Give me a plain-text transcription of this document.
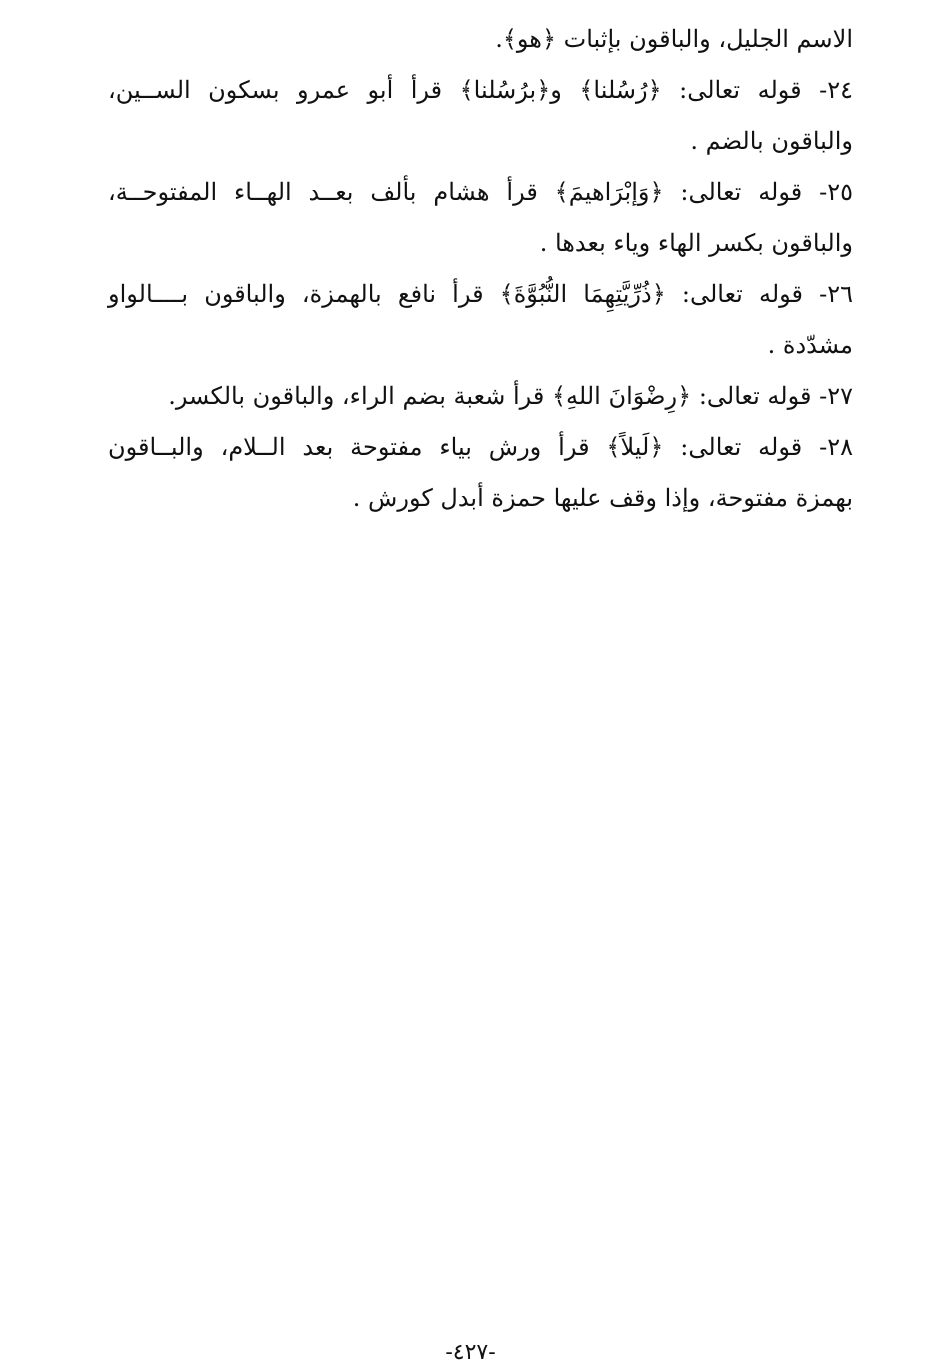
الاسم الجليل، والباقون بإثبات ﴿هو﴾.
٢٤- قوله تعالى: ﴿رُسُلنا﴾ و﴿برُسُلنا﴾ قرأ أبو عمرو بسكون الســين،
والباقون بالضم .
٢٥- قوله تعالى: ﴿وَإبْرَاهيمَ﴾ قرأ هشام بألف بعــد الهــاء المفتوحــة،
والباقون بكسر الهاء وياء بعدها .
٢٦- قوله تعالى: ﴿ذُرِّيَّتِهِمَا النُّبُوَّةَ﴾ قرأ نافع بالهمزة، والباقون بــــالواو
مشدّدة .
٢٧- قوله تعالى: ﴿رِضْوَانَ اللهِ﴾ قرأ شعبة بضم الراء، والباقون بالكسر.
٢٨- قوله تعالى: ﴿لَيلاً﴾ قرأ ورش بياء مفتوحة بعد الــلام، والبــاقون
بهمزة مفتوحة، وإذا وقف عليها حمزة أبدل كورش .
-٤٢٧-
